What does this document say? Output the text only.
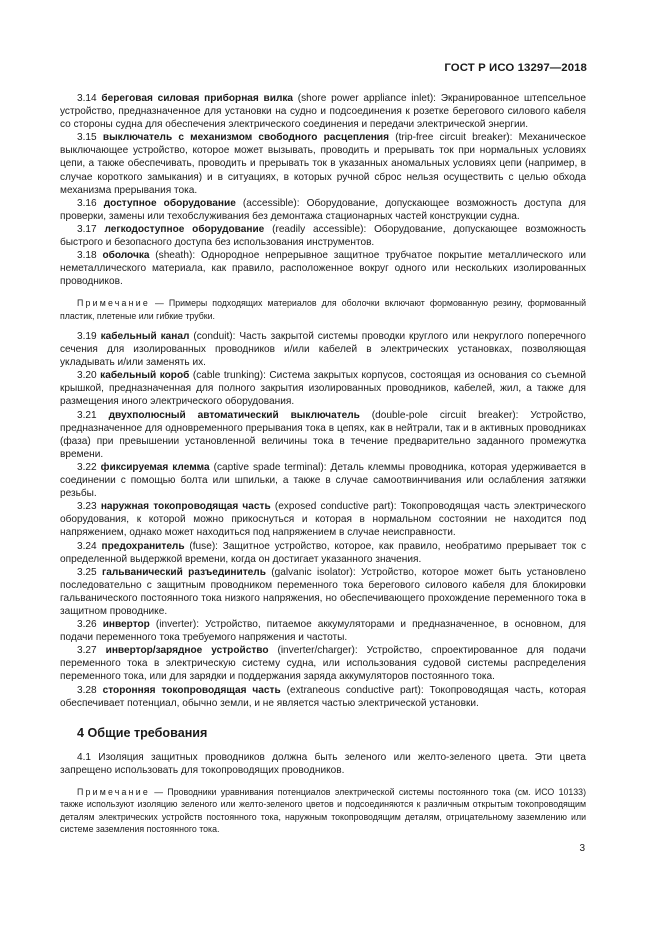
ГОСТ Р ИСО 13297—2018

3.14 береговая силовая приборная вилка (shore power appliance inlet): Экранированное штепсельное устройство, предназначенное для установки на судно и подсоединения к розетке берегового силового кабеля со стороны судна для обеспечения электрического соединения и передачи электрической энергии.

3.15 выключатель с механизмом свободного расцепления (trip-free circuit breaker): Механическое выключающее устройство, которое может вызывать, проводить и прерывать ток при нормальных условиях цепи, а также обеспечивать, проводить и прерывать ток в указанных аномальных условиях цепи (например, в случае короткого замыкания) и в ситуациях, в которых ручной сброс нельзя осуществить с целью обхода механизма прерывания тока.

3.16 доступное оборудование (accessible): Оборудование, допускающее возможность доступа для проверки, замены или техобслуживания без демонтажа стационарных частей конструкции судна.

3.17 легкодоступное оборудование (readily accessible): Оборудование, допускающее возможность быстрого и безопасного доступа без использования инструментов.

3.18 оболочка (sheath): Однородное непрерывное защитное трубчатое покрытие металлического или неметаллического материала, как правило, расположенное вокруг одного или нескольких изолированных проводников.

Примечание — Примеры подходящих материалов для оболочки включают формованную резину, формованный пластик, плетеные или гибкие трубки.

3.19 кабельный канал (conduit): Часть закрытой системы проводки круглого или некруглого поперечного сечения для изолированных проводников и/или кабелей в электрических установках, позволяющая укладывать и/или заменять их.

3.20 кабельный короб (cable trunking): Система закрытых корпусов, состоящая из основания со съемной крышкой, предназначенная для полного закрытия изолированных проводников, кабелей, жил, а также для размещения иного электрического оборудования.

3.21 двухполюсный автоматический выключатель (double-pole circuit breaker): Устройство, предназначенное для одновременного прерывания тока в цепях, как в нейтрали, так и в активных проводниках (фаза) при превышении установленной величины тока в течение предварительно заданного промежутка времени.

3.22 фиксируемая клемма (captive spade terminal): Деталь клеммы проводника, которая удерживается в соединении с помощью болта или шпильки, а также в случае самоотвинчивания или ослабления затяжки резьбы.

3.23 наружная токопроводящая часть (exposed conductive part): Токопроводящая часть электрического оборудования, к которой можно прикоснуться и которая в нормальном состоянии не находится под напряжением, однако может находиться под напряжением в случае неисправности.

3.24 предохранитель (fuse): Защитное устройство, которое, как правило, необратимо прерывает ток с определенной выдержкой времени, когда он достигает указанного значения.

3.25 гальванический разъединитель (galvanic isolator): Устройство, которое может быть установлено последовательно с защитным проводником переменного тока берегового силового кабеля для блокировки гальванического постоянного тока низкого напряжения, но обеспечивающего прохождение переменного тока в защитном проводнике.

3.26 инвертор (inverter): Устройство, питаемое аккумуляторами и предназначенное, в основном, для подачи переменного тока требуемого напряжения и частоты.

3.27 инвертор/зарядное устройство (inverter/charger): Устройство, спроектированное для подачи переменного тока в электрическую систему судна, или использования судовой системы распределения переменного тока, или для зарядки и поддержания заряда аккумуляторов постоянного тока.

3.28 сторонняя токопроводящая часть (extraneous conductive part): Токопроводящая часть, которая обеспечивает потенциал, обычно земли, и не является частью электрической установки.

4 Общие требования

4.1 Изоляция защитных проводников должна быть зеленого или желто-зеленого цвета. Эти цвета запрещено использовать для токопроводящих проводников.

Примечание — Проводники уравнивания потенциалов электрической системы постоянного тока (см. ИСО 10133) также используют изоляцию зеленого или желто-зеленого цветов и подсоединяются к различным открытым токопроводящим деталям электрических устройств постоянного тока, наружным токопроводящим деталям, отрицательному заземлению или системе заземления постоянного тока.

3
